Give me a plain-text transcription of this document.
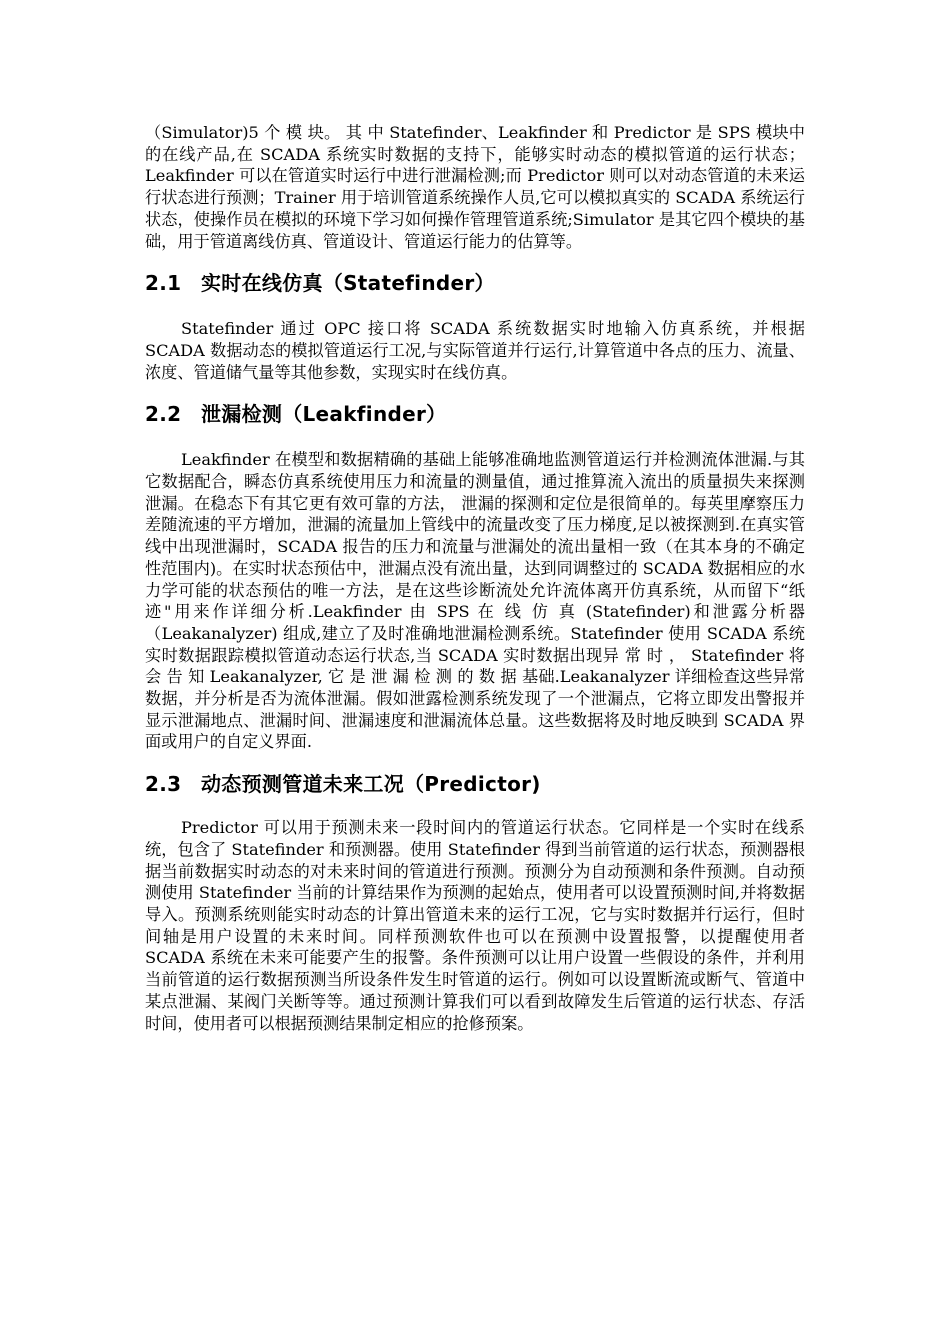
（Simulator)5 个 模 块。 其 中 Statefinder、Leakfinder 和 Predictor 是 SPS 模块中的在线产品,在 SCADA 系统实时数据的支持下，能够实时动态的模拟管道的运行状态；Leakfinder 可以在管道实时运行中进行泄漏检测;而 Predictor 则可以对动态管道的未来运行状态进行预测；Trainer 用于培训管道系统操作人员,它可以模拟真实的 SCADA 系统运行状态，使操作员在模拟的环境下学习如何操作管理管道系统;Simulator 是其它四个模块的基础，用于管道离线仿真、管道设计、管道运行能力的估算等。

2.1 实时在线仿真（Statefinder）

Statefinder 通过 OPC 接口将 SCADA 系统数据实时地输入仿真系统，并根据 SCADA 数据动态的模拟管道运行工况,与实际管道并行运行,计算管道中各点的压力、流量、浓度、管道储气量等其他参数，实现实时在线仿真。

2.2 泄漏检测（Leakfinder）

Leakfinder 在模型和数据精确的基础上能够准确地监测管道运行并检测流体泄漏.与其它数据配合，瞬态仿真系统使用压力和流量的测量值，通过推算流入流出的质量损失来探测泄漏。在稳态下有其它更有效可靠的方法， 泄漏的探测和定位是很简单的。每英里摩察压力差随流速的平方增加，泄漏的流量加上管线中的流量改变了压力梯度,足以被探测到.在真实管线中出现泄漏时，SCADA 报告的压力和流量与泄漏处的流出量相一致（在其本身的不确定性范围内)。在实时状态预估中，泄漏点没有流出量，达到同调整过的 SCADA 数据相应的水力学可能的状态预估的唯一方法，是在这些诊断流处允许流体离开仿真系统，从而留下“纸迹"用来作详细分析.Leakfinder 由 SPS 在 线 仿 真 (Statefinder)和泄露分析器 （Leakanalyzer) 组成,建立了及时准确地泄漏检测系统。Statefinder 使用 SCADA 系统实时数据跟踪模拟管道动态运行状态,当 SCADA 实时数据出现异 常 时 ， Statefinder 将 会 告 知 Leakanalyzer, 它 是 泄 漏 检 测 的 数 据 基础.Leakanalyzer 详细检查这些异常数据，并分析是否为流体泄漏。假如泄露检测系统发现了一个泄漏点，它将立即发出警报并显示泄漏地点、泄漏时间、泄漏速度和泄漏流体总量。这些数据将及时地反映到 SCADA 界面或用户的自定义界面.

2.3 动态预测管道未来工况（Predictor)

Predictor 可以用于预测未来一段时间内的管道运行状态。它同样是一个实时在线系统，包含了 Statefinder 和预测器。使用 Statefinder 得到当前管道的运行状态，预测器根据当前数据实时动态的对未来时间的管道进行预测。预测分为自动预测和条件预测。自动预测使用 Statefinder 当前的计算结果作为预测的起始点，使用者可以设置预测时间,并将数据导入。预测系统则能实时动态的计算出管道未来的运行工况，它与实时数据并行运行，但时间轴是用户设置的未来时间。同样预测软件也可以在预测中设置报警，以提醒使用者 SCADA 系统在未来可能要产生的报警。条件预测可以让用户设置一些假设的条件，并利用当前管道的运行数据预测当所设条件发生时管道的运行。例如可以设置断流或断气、管道中某点泄漏、某阀门关断等等。通过预测计算我们可以看到故障发生后管道的运行状态、存活时间，使用者可以根据预测结果制定相应的抢修预案。
